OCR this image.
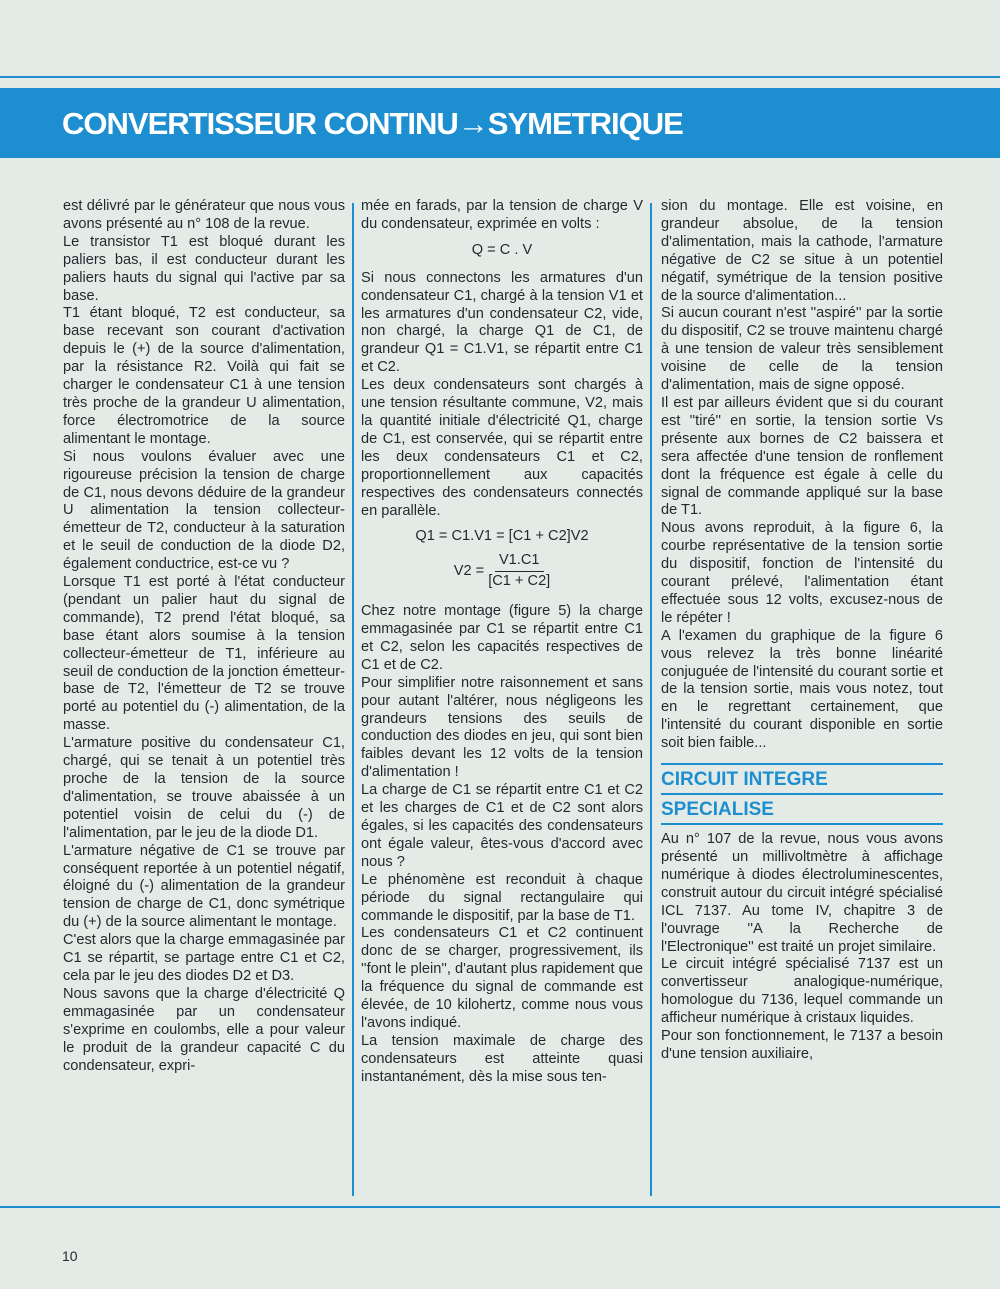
CONVERTISSEUR CONTINU→SYMETRIQUE

est délivré par le générateur que nous vous avons présenté au n° 108 de la revue.

Le transistor T1 est bloqué durant les paliers bas, il est conducteur durant les paliers hauts du signal qui l'active par sa base.

T1 étant bloqué, T2 est conducteur, sa base recevant son courant d'activation depuis le (+) de la source d'alimentation, par la résistance R2. Voilà qui fait se charger le condensateur C1 à une tension très proche de la grandeur U alimentation, force électromotrice de la source alimentant le montage.

Si nous voulons évaluer avec une rigoureuse précision la tension de charge de C1, nous devons déduire de la grandeur U alimentation la tension collecteur-émetteur de T2, conducteur à la saturation et le seuil de conduction de la diode D2, également conductrice, est-ce vu ?

Lorsque T1 est porté à l'état conducteur (pendant un palier haut du signal de commande), T2 prend l'état bloqué, sa base étant alors soumise à la tension collecteur-émetteur de T1, inférieure au seuil de conduction de la jonction émetteur-base de T2, l'émetteur de T2 se trouve porté au potentiel du (-) alimentation, de la masse.

L'armature positive du condensateur C1, chargé, qui se tenait à un potentiel très proche de la tension de la source d'alimentation, se trouve abaissée à un potentiel voisin de celui du (-) de l'alimentation, par le jeu de la diode D1.

L'armature négative de C1 se trouve par conséquent reportée à un potentiel négatif, éloigné du (-) alimentation de la grandeur tension de charge de C1, donc symétrique du (+) de la source alimentant le montage.

C'est alors que la charge emmagasinée par C1 se répartit, se partage entre C1 et C2, cela par le jeu des diodes D2 et D3.

Nous savons que la charge d'électricité Q emmagasinée par un condensateur s'exprime en coulombs, elle a pour valeur le produit de la grandeur capacité C du condensateur, expri-

mée en farads, par la tension de charge V du condensateur, exprimée en volts :

Q = C . V

Si nous connectons les armatures d'un condensateur C1, chargé à la tension V1 et les armatures d'un condensateur C2, vide, non chargé, la charge Q1 de C1, de grandeur Q1 = C1.V1, se répartit entre C1 et C2.

Les deux condensateurs sont chargés à une tension résultante commune, V2, mais la quantité initiale d'électricité Q1, charge de C1, est conservée, qui se répartit entre les deux condensateurs C1 et C2, proportionnellement aux capacités respectives des condensateurs connectés en parallèle.

Q1 = C1.V1 = [C1 + C2]V2

$V2 = \frac{V1.C1}{[C1 + C2]}$

Chez notre montage (figure 5) la charge emmagasinée par C1 se répartit entre C1 et C2, selon les capacités respectives de C1 et de C2.

Pour simplifier notre raisonnement et sans pour autant l'altérer, nous négligeons les grandeurs tensions des seuils de conduction des diodes en jeu, qui sont bien faibles devant les 12 volts de la tension d'alimentation !

La charge de C1 se répartit entre C1 et C2 et les charges de C1 et de C2 sont alors égales, si les capacités des condensateurs ont égale valeur, êtes-vous d'accord avec nous ?

Le phénomène est reconduit à chaque période du signal rectangulaire qui commande le dispositif, par la base de T1.

Les condensateurs C1 et C2 continuent donc de se charger, progressivement, ils ''font le plein'', d'autant plus rapidement que la fréquence du signal de commande est élevée, de 10 kilohertz, comme nous vous l'avons indiqué.

La tension maximale de charge des condensateurs est atteinte quasi instantanément, dès la mise sous ten-

sion du montage. Elle est voisine, en grandeur absolue, de la tension d'alimentation, mais la cathode, l'armature négative de C2 se situe à un potentiel négatif, symétrique de la tension positive de la source d'alimentation...

Si aucun courant n'est ''aspiré'' par la sortie du dispositif, C2 se trouve maintenu chargé à une tension de valeur très sensiblement voisine de celle de la tension d'alimentation, mais de signe opposé.

Il est par ailleurs évident que si du courant est ''tiré'' en sortie, la tension sortie Vs présente aux bornes de C2 baissera et sera affectée d'une tension de ronflement dont la fréquence est égale à celle du signal de commande appliqué sur la base de T1.

Nous avons reproduit, à la figure 6, la courbe représentative de la tension sortie du dispositif, fonction de l'intensité du courant prélevé, l'alimentation étant effectuée sous 12 volts, excusez-nous de le répéter !

A l'examen du graphique de la figure 6 vous relevez la très bonne linéarité conjuguée de l'intensité du courant sortie et de la tension sortie, mais vous notez, tout en le regrettant certainement, que l'intensité du courant disponible en sortie soit bien faible...

CIRCUIT INTEGRE
SPECIALISE

Au n° 107 de la revue, nous vous avons présenté un millivoltmètre à affichage numérique à diodes électroluminescentes, construit autour du circuit intégré spécialisé ICL 7137. Au tome IV, chapitre 3 de l'ouvrage ''A la Recherche de l'Electronique'' est traité un projet similaire.

Le circuit intégré spécialisé 7137 est un convertisseur analogique-numérique, homologue du 7136, lequel commande un afficheur numérique à cristaux liquides.

Pour son fonctionnement, le 7137 a besoin d'une tension auxiliaire,

10
